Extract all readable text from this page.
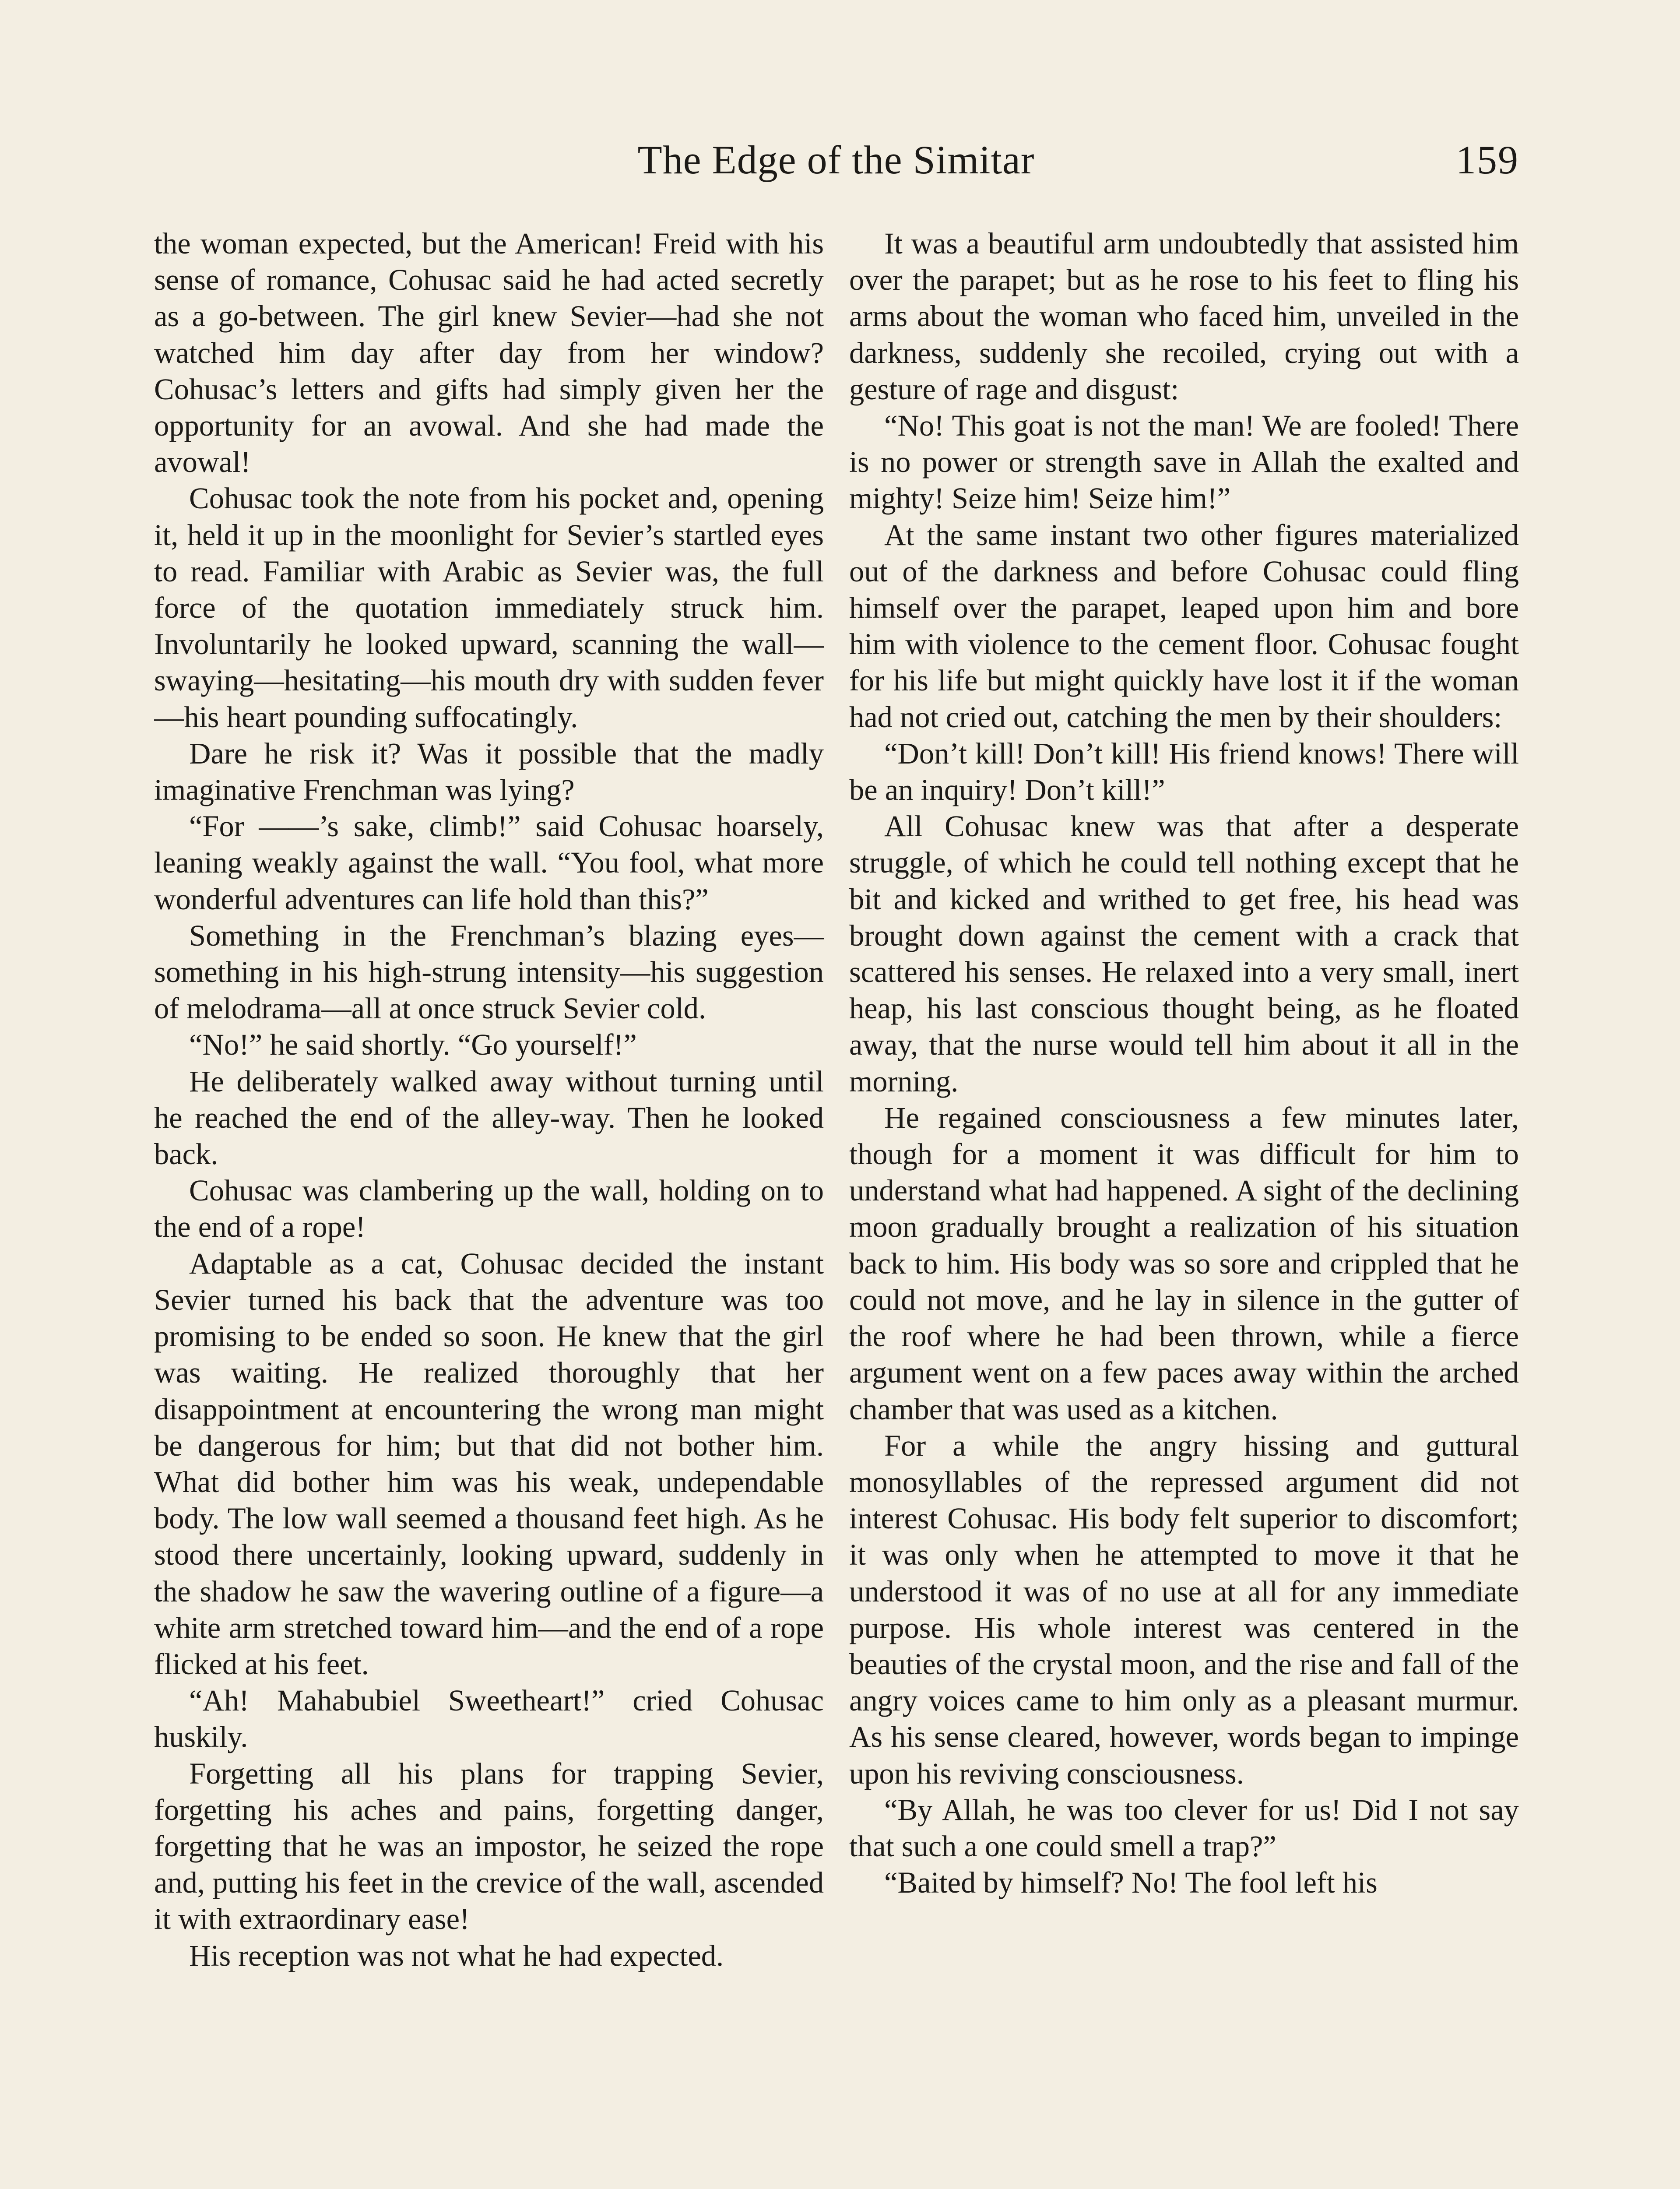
The Edge of the Simitar	159

the woman expected, but the American! Freid with his sense of romance, Cohusac said he had acted secretly as a go-between. The girl knew Sevier—had she not watched him day after day from her window? Cohusac’s letters and gifts had simply given her the opportunity for an avowal. And she had made the avowal!

Cohusac took the note from his pocket and, opening it, held it up in the moonlight for Sevier’s startled eyes to read. Familiar with Arabic as Sevier was, the full force of the quotation immediately struck him. Involuntarily he looked upward, scanning the wall—swaying—hesitating—his mouth dry with sudden fever—his heart pounding suffocatingly.

Dare he risk it? Was it possible that the madly imaginative Frenchman was lying?

“For ——’s sake, climb!” said Cohusac hoarsely, leaning weakly against the wall. “You fool, what more wonderful adventures can life hold than this?”

Something in the Frenchman’s blazing eyes—something in his high-strung intensity—his suggestion of melodrama—all at once struck Sevier cold.

“No!” he said shortly. “Go yourself!”

He deliberately walked away without turning until he reached the end of the alley-way. Then he looked back.

Cohusac was clambering up the wall, holding on to the end of a rope!

Adaptable as a cat, Cohusac decided the instant Sevier turned his back that the adventure was too promising to be ended so soon. He knew that the girl was waiting. He realized thoroughly that her disappointment at encountering the wrong man might be dangerous for him; but that did not bother him. What did bother him was his weak, undependable body. The low wall seemed a thousand feet high. As he stood there uncertainly, looking upward, suddenly in the shadow he saw the wavering outline of a figure—a white arm stretched toward him—and the end of a rope flicked at his feet.

“Ah! Mahabubiel Sweetheart!” cried Cohusac huskily.

Forgetting all his plans for trapping Sevier, forgetting his aches and pains, forgetting danger, forgetting that he was an impostor, he seized the rope and, putting his feet in the crevice of the wall, ascended it with extraordinary ease!

His reception was not what he had expected.

It was a beautiful arm undoubtedly that assisted him over the parapet; but as he rose to his feet to fling his arms about the woman who faced him, unveiled in the darkness, suddenly she recoiled, crying out with a gesture of rage and disgust:

“No! This goat is not the man! We are fooled! There is no power or strength save in Allah the exalted and mighty! Seize him! Seize him!”

At the same instant two other figures materialized out of the darkness and before Cohusac could fling himself over the parapet, leaped upon him and bore him with violence to the cement floor. Cohusac fought for his life but might quickly have lost it if the woman had not cried out, catching the men by their shoulders:

“Don’t kill! Don’t kill! His friend knows! There will be an inquiry! Don’t kill!”

All Cohusac knew was that after a desperate struggle, of which he could tell nothing except that he bit and kicked and writhed to get free, his head was brought down against the cement with a crack that scattered his senses. He relaxed into a very small, inert heap, his last conscious thought being, as he floated away, that the nurse would tell him about it all in the morning.

He regained consciousness a few minutes later, though for a moment it was difficult for him to understand what had happened. A sight of the declining moon gradually brought a realization of his situation back to him. His body was so sore and crippled that he could not move, and he lay in silence in the gutter of the roof where he had been thrown, while a fierce argument went on a few paces away within the arched chamber that was used as a kitchen.

For a while the angry hissing and guttural monosyllables of the repressed argument did not interest Cohusac. His body felt superior to discomfort; it was only when he attempted to move it that he understood it was of no use at all for any immediate purpose. His whole interest was centered in the beauties of the crystal moon, and the rise and fall of the angry voices came to him only as a pleasant murmur. As his sense cleared, however, words began to impinge upon his reviving consciousness.

“By Allah, he was too clever for us! Did I not say that such a one could smell a trap?”

“Baited by himself? No! The fool left his
